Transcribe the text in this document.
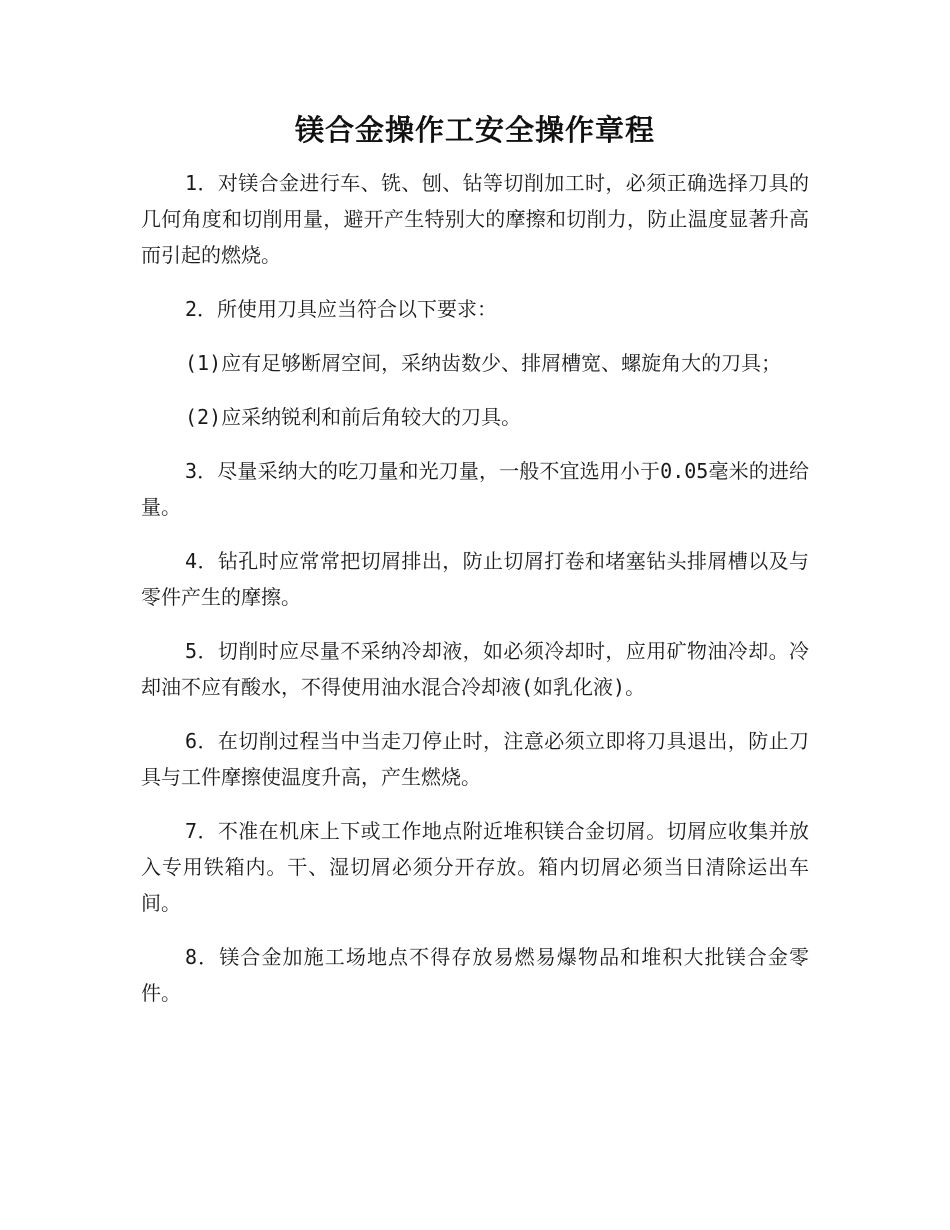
镁合金操作工安全操作章程

1．对镁合金进行车、铣、刨、钻等切削加工时，必须正确选择刀具的几何角度和切削用量，避开产生特别大的摩擦和切削力，防止温度显著升高而引起的燃烧。

2．所使用刀具应当符合以下要求：

(1)应有足够断屑空间，采纳齿数少、排屑槽宽、螺旋角大的刀具；

(2)应采纳锐利和前后角较大的刀具。

3．尽量采纳大的吃刀量和光刀量，一般不宜选用小于0.05毫米的进给量。

4．钻孔时应常常把切屑排出，防止切屑打卷和堵塞钻头排屑槽以及与零件产生的摩擦。

5．切削时应尽量不采纳冷却液，如必须冷却时，应用矿物油冷却。冷却油不应有酸水，不得使用油水混合冷却液(如乳化液)。

6．在切削过程当中当走刀停止时，注意必须立即将刀具退出，防止刀具与工件摩擦使温度升高，产生燃烧。

7．不准在机床上下或工作地点附近堆积镁合金切屑。切屑应收集并放入专用铁箱内。干、湿切屑必须分开存放。箱内切屑必须当日清除运出车间。

8．镁合金加施工场地点不得存放易燃易爆物品和堆积大批镁合金零件。
